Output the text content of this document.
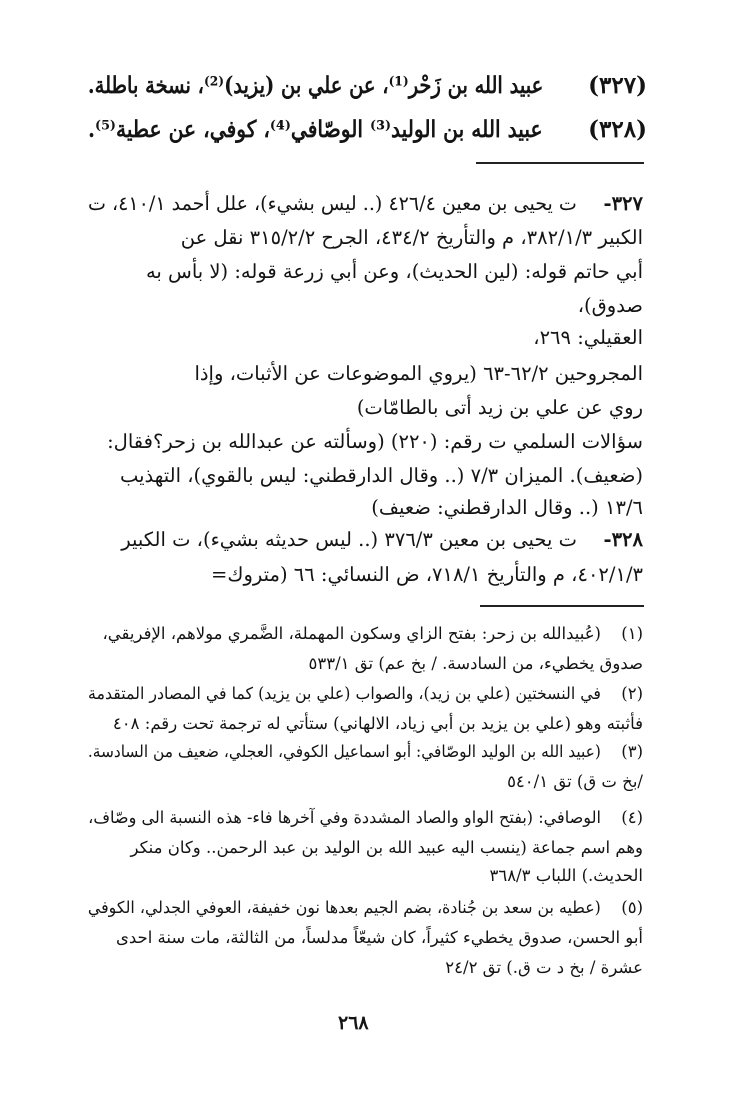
(٣٢٧)
عبيد الله بن زَحْر⁽¹⁾، عن علي بن (يزيد)⁽²⁾، نسخة باطلة.
(٣٢٨)
عبيد الله بن الوليد⁽³⁾ الوصّافي⁽⁴⁾، كوفي، عن عطية⁽⁵⁾.
٣٢٧-
ت يحيى بن معين ٤٢٦/٤ (.. ليس بشيء)، علل أحمد ٤١٠/١، ت
الكبير ٣٨٢/١/٣، م والتأريخ ٤٣٤/٢، الجرح ٣١٥/٢/٢ نقل عن
أبي حاتم قوله: (لين الحديث)، وعن أبي زرعة قوله: (لا بأس به
صدوق)،
العقيلي: ٢٦٩،
المجروحين ٦٢/٢-٦٣ (يروي الموضوعات عن الأثبات، وإذا
روي عن علي بن زيد أتى بالطامّات)
سؤالات السلمي ت رقم: (٢٢٠) (وسألته عن عبدالله بن زحر؟فقال:
(ضعيف). الميزان ٧/٣ (.. وقال الدارقطني: ليس بالقوي)، التهذيب
١٣/٦ (.. وقال الدارقطني: ضعيف)
٣٢٨-
ت يحيى بن معين ٣٧٦/٣ (.. ليس حديثه بشيء)، ت الكبير
٤٠٢/١/٣، م والتأريخ ٧١٨/١، ض النسائي: ٦٦ (متروك=
(١)
(عُبيدالله بن زحر: بفتح الزاي وسكون المهملة، الضَّمري مولاهم، الإفريقي،
صدوق يخطيء، من السادسة. / بخ عم) تق ٥٣٣/١
(٢)
في النسختين (علي بن زيد)، والصواب (علي بن يزيد) كما في المصادر المتقدمة
فأثبته وهو (علي بن يزيد بن أبي زياد، الالهاني) ستأتي له ترجمة تحت رقم: ٤٠٨
(٣)
(عبيد الله بن الوليد الوصّافي: أبو اسماعيل الكوفي، العجلي، ضعيف من السادسة.
/بخ ت ق) تق ٥٤٠/١
(٤)
الوصافي: (بفتح الواو والصاد المشددة وفي آخرها فاء- هذه النسبة الى وصّاف،
وهم اسم جماعة (ينسب اليه عبيد الله بن الوليد بن عبد الرحمن.. وكان منكر
الحديث.) اللباب ٣٦٨/٣
(٥)
(عطيه بن سعد بن جُنادة، بضم الجيم بعدها نون خفيفة، العوفي الجدلي، الكوفي
أبو الحسن، صدوق يخطيء كثيراً، كان شيعّاً مدلساً، من الثالثة، مات سنة احدى
عشرة / بخ د ت ق.) تق ٢٤/٢
٢٦٨
